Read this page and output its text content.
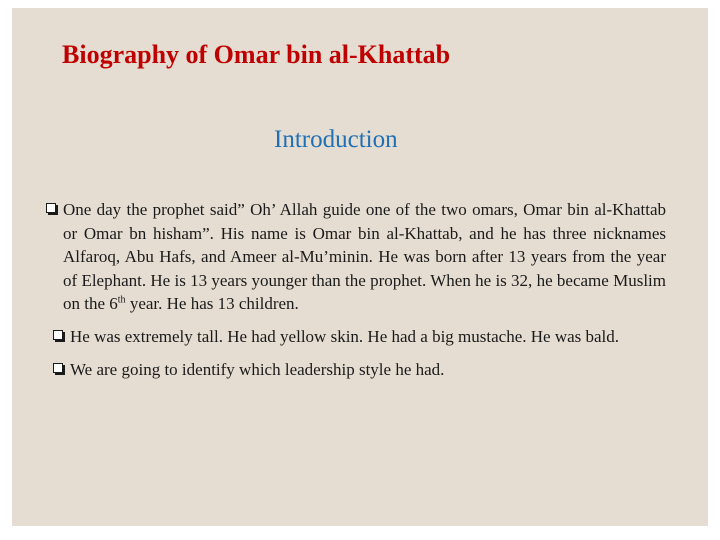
Biography of Omar bin al-Khattab
Introduction
One day the prophet said” Oh’ Allah guide one of the two omars, Omar bin al-Khattab or Omar bn hisham”. His name is Omar bin al-Khattab, and he has three nicknames Alfaroq, Abu Hafs, and Ameer al-Mu’minin. He was born after 13 years from the year of Elephant. He is 13 years younger than the prophet. When he is 32, he became Muslim on the 6th year. He has 13 children.
He was extremely tall. He had yellow skin. He had a big mustache. He was bald.
We are going to identify which leadership style he had.
